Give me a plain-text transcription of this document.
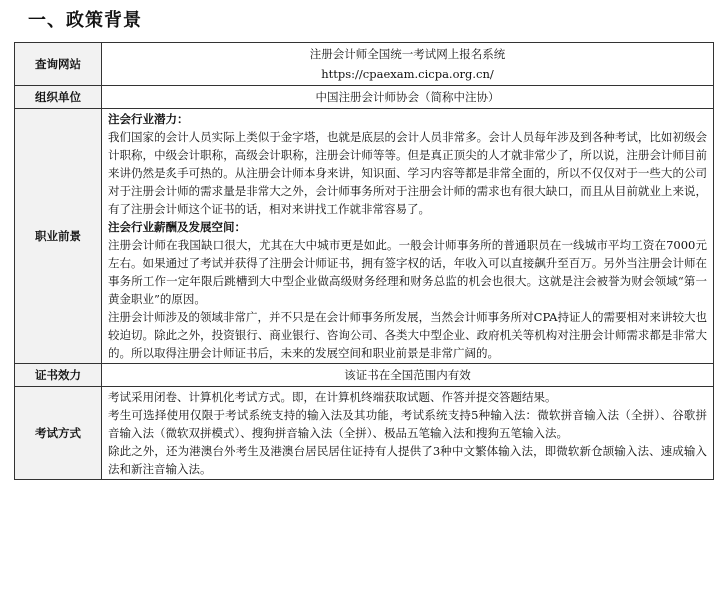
一、政策背景
查询网站	注册会计师全国统一考试网上报名系统
https://cpaexam.cicpa.org.cn/

组织单位	中国注册会计师协会（简称中注协）
职业前景	注会行业潜力：
我们国家的会计人员实际上类似于金字塔，也就是底层的会计人员非常多。会计人员每年涉及到各种考试，比如初级会计职称，中级会计职称，高级会计职称，注册会计师等等。但是真正顶尖的人才就非常少了，所以说，注册会计师目前来讲仍然是炙手可热的。从注册会计师本身来讲，知识面、学习内容等都是非常全面的，所以不仅仅对于一些大的公司对于注册会计师的需求量是非常大之外，会计师事务所对于注册会计师的需求也有很大缺口，而且从目前就业上来说，有了注册会计师这个证书的话，相对来讲找工作就非常容易了。
注会行业薪酬及发展空间：
注册会计师在我国缺口很大，尤其在大中城市更是如此。一般会计师事务所的普通职员在一线城市平均工资在7000元左右。如果通过了考试并获得了注册会计师证书，拥有签字权的话，年收入可以直接飙升至百万。另外当注册会计师在事务所工作一定年限后跳槽到大中型企业做高级财务经理和财务总监的机会也很大。这就是注会被誉为财会领域“第一黄金职业”的原因。
注册会计师涉及的领域非常广，并不只是在会计师事务所发展，当然会计师事务所对CPA持证人的需要相对来讲较大也较迫切。除此之外，投资银行、商业银行、咨询公司、各类大中型企业、政府机关等机构对注册会计师需求都是非常大的。所以取得注册会计师证书后，未来的发展空间和职业前景是非常广阔的。

证书效力	该证书在全国范围内有效
考试方式	考试采用闭卷、计算机化考试方式。即，在计算机终端获取试题、作答并提交答题结果。
考生可选择使用仅限于考试系统支持的输入法及其功能，考试系统支持5种输入法：微软拼音输入法（全拼）、谷歌拼音输入法（微软双拼模式）、搜狗拼音输入法（全拼）、极品五笔输入法和搜狗五笔输入法。
除此之外，还为港澳台外考生及港澳台居民居住证持有人提供了3种中文繁体输入法，即微软新仓颉输入法、速成输入法和新注音输入法。
